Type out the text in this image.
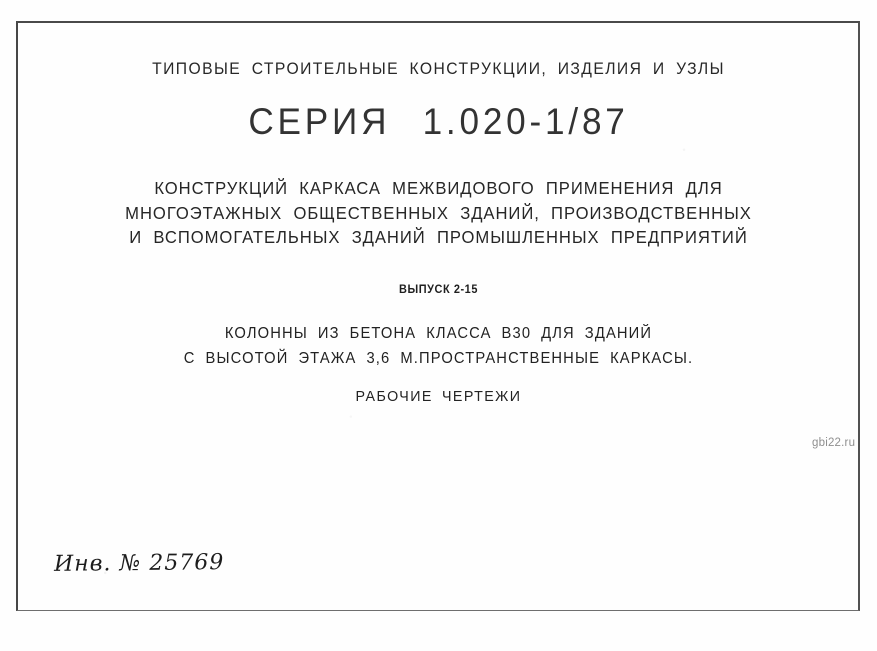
ТИПОВЫЕ СТРОИТЕЛЬНЫЕ КОНСТРУКЦИИ, ИЗДЕЛИЯ И УЗЛЫ
СЕРИЯ 1.020-1/87
КОНСТРУКЦИЙ КАРКАСА МЕЖВИДОВОГО ПРИМЕНЕНИЯ ДЛЯ
МНОГОЭТАЖНЫХ ОБЩЕСТВЕННЫХ ЗДАНИЙ, ПРОИЗВОДСТВЕННЫХ
И ВСПОМОГАТЕЛЬНЫХ ЗДАНИЙ ПРОМЫШЛЕННЫХ ПРЕДПРИЯТИЙ
ВЫПУСК 2-15
КОЛОННЫ ИЗ БЕТОНА КЛАССА В30 ДЛЯ ЗДАНИЙ
С ВЫСОТОЙ ЭТАЖА 3,6 М.ПРОСТРАНСТВЕННЫЕ КАРКАСЫ.
РАБОЧИЕ ЧЕРТЕЖИ
Инв. № 25769
gbi22.ru
